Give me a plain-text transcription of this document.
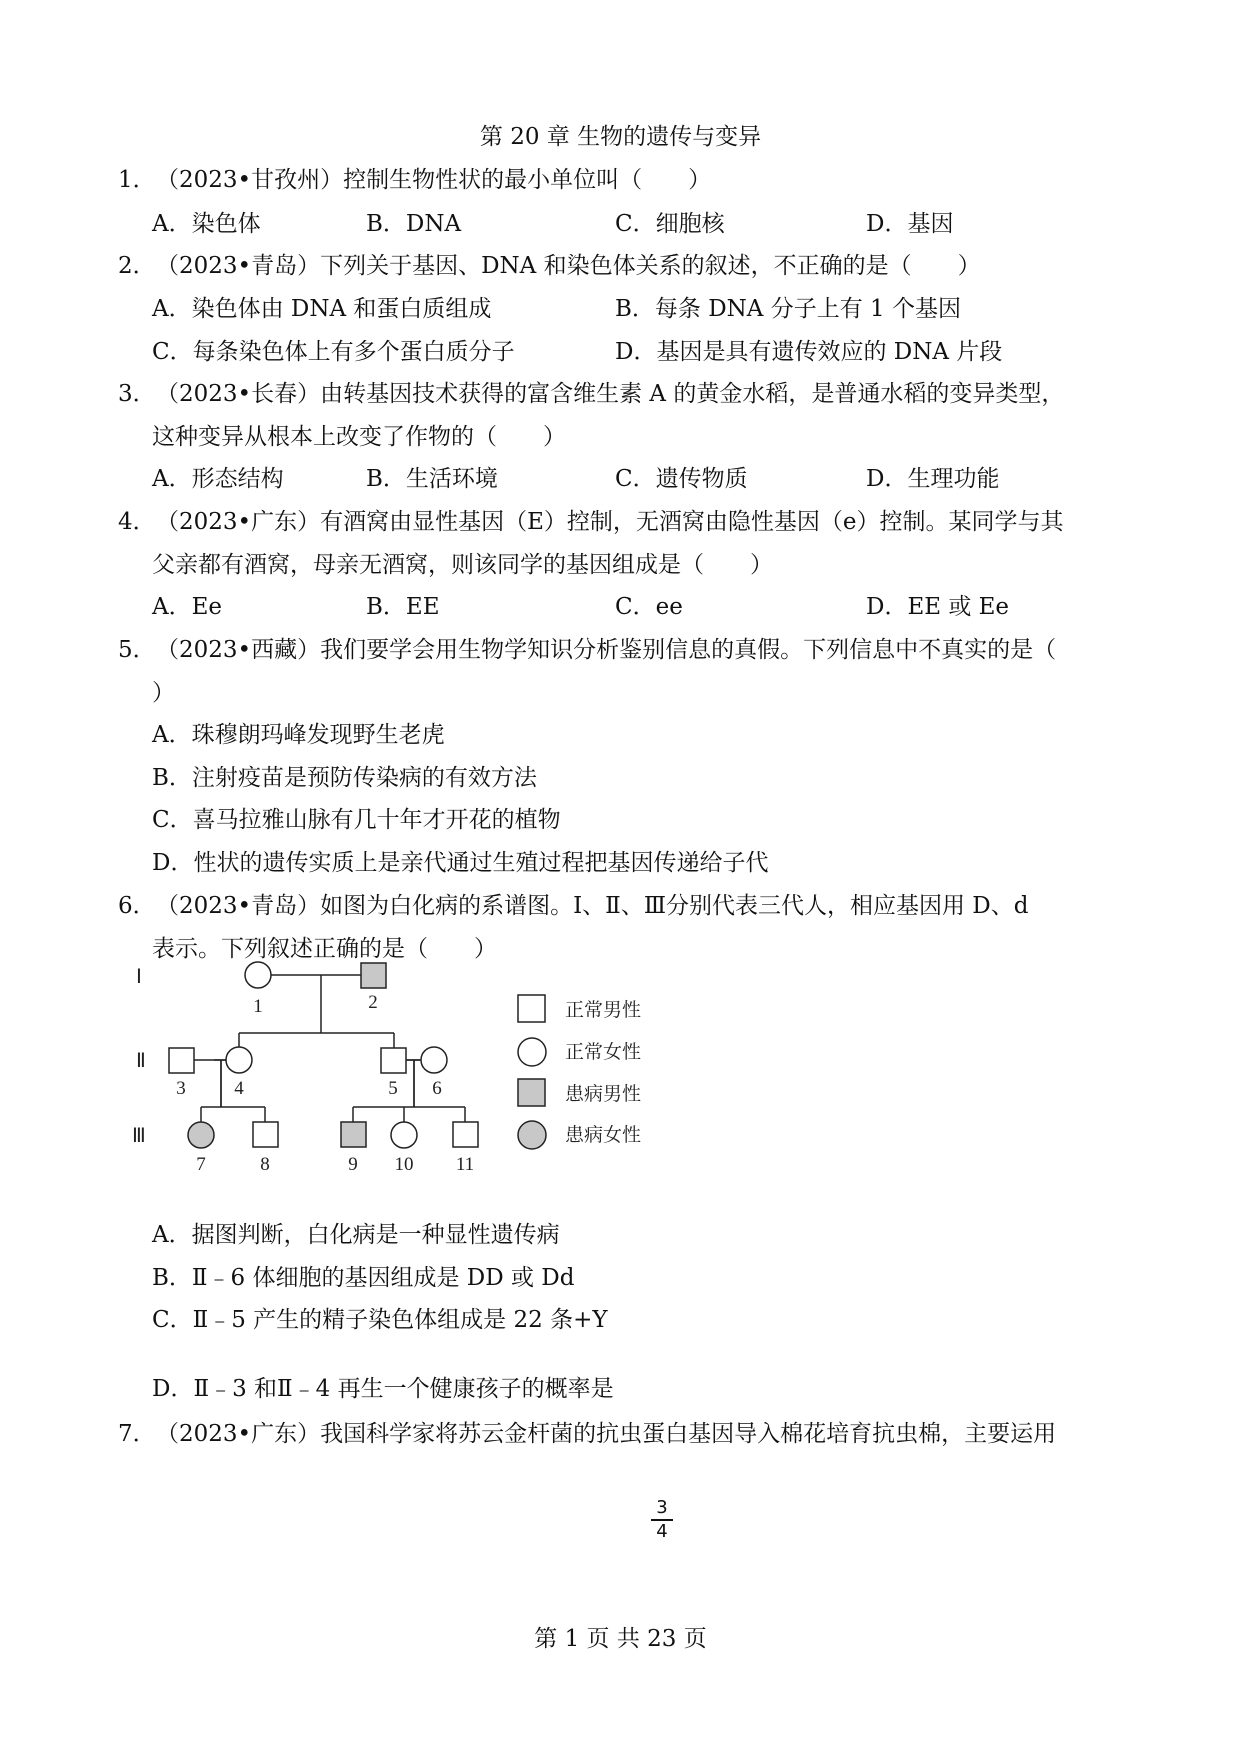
第 20 章 生物的遗传与变异
1．（2023•甘孜州）控制生物性状的最小单位叫（　　）
A．染色体	B．DNA	C．细胞核	D．基因
2．（2023•青岛）下列关于基因、DNA 和染色体关系的叙述，不正确的是（　　）
A．染色体由 DNA 和蛋白质组成	B．每条 DNA 分子上有 1 个基因
C．每条染色体上有多个蛋白质分子	D．基因是具有遗传效应的 DNA 片段
3．（2023•长春）由转基因技术获得的富含维生素 A 的黄金水稻，是普通水稻的变异类型，
这种变异从根本上改变了作物的（　　）
A．形态结构	B．生活环境	C．遗传物质	D．生理功能
4．（2023•广东）有酒窝由显性基因（E）控制，无酒窝由隐性基因（e）控制。某同学与其
父亲都有酒窝，母亲无酒窝，则该同学的基因组成是（　　）
A．Ee	B．EE	C．ee	D．EE 或 Ee
5．（2023•西藏）我们要学会用生物学知识分析鉴别信息的真假。下列信息中不真实的是（
）
A．珠穆朗玛峰发现野生老虎
B．注射疫苗是预防传染病的有效方法
C．喜马拉雅山脉有几十年才开花的植物
D．性状的遗传实质上是亲代通过生殖过程把基因传递给子代
6．（2023•青岛）如图为白化病的系谱图。Ⅰ、Ⅱ、Ⅲ分别代表三代人，相应基因用 D、d
表示。下列叙述正确的是（　　）
Ⅰ
Ⅱ
Ⅲ
1	2
3	4	5 6
7	8	9 10 11
正常男性
正常女性
患病男性
患病女性
A．据图判断，白化病是一种显性遗传病
B．Ⅱ﹣6 体细胞的基因组成是 DD 或 Dd
C．Ⅱ﹣5 产生的精子染色体组成是 22 条+Y
D．Ⅱ﹣3 和Ⅱ﹣4 再生一个健康孩子的概率是
3
4
7．（2023•广东）我国科学家将苏云金杆菌的抗虫蛋白基因导入棉花培育抗虫棉，主要运用
第 1 页 共 23 页
